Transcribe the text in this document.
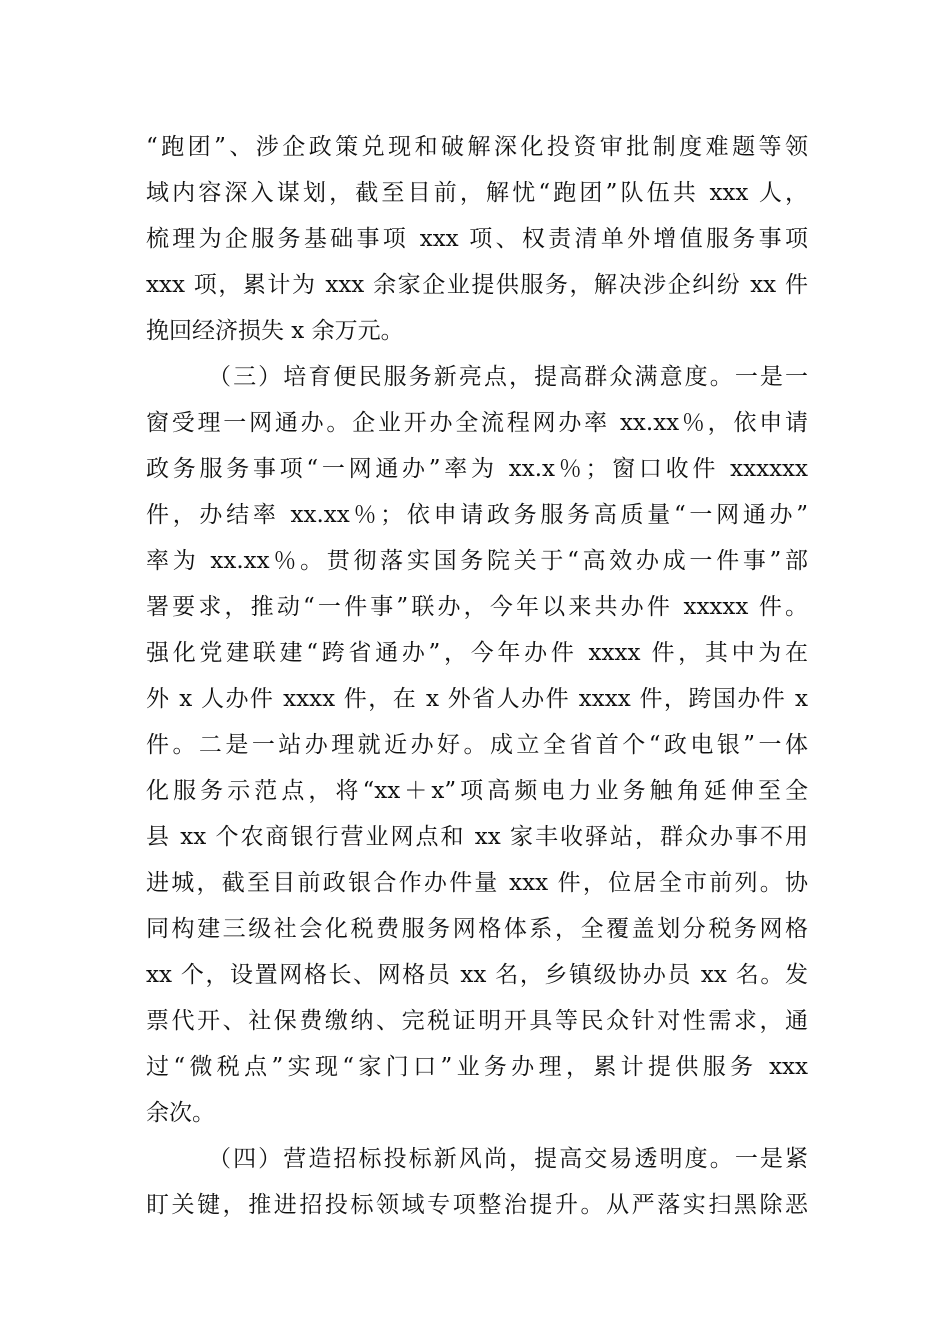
“跑团”、涉企政策兑现和破解深化投资审批制度难题等领
域内容深入谋划，截至目前，解忧“跑团”队伍共 xxx 人，
梳理为企服务基础事项 xxx 项、权责清单外增值服务事项
xxx 项，累计为 xxx 余家企业提供服务，解决涉企纠纷 xx 件
挽回经济损失 x 余万元。
（三）培育便民服务新亮点，提高群众满意度。一是一
窗受理一网通办。企业开办全流程网办率 xx.xx％，依申请
政务服务事项“一网通办”率为 xx.x％；窗口收件 xxxxxx
件，办结率 xx.xx％；依申请政务服务高质量“一网通办”
率为 xx.xx％。贯彻落实国务院关于“高效办成一件事”部
署要求，推动“一件事”联办，今年以来共办件 xxxxx 件。
强化党建联建“跨省通办”，今年办件 xxxx 件，其中为在
外 x 人办件 xxxx 件，在 x 外省人办件 xxxx 件，跨国办件 x
件。二是一站办理就近办好。成立全省首个“政电银”一体
化服务示范点，将“xx＋x”项高频电力业务触角延伸至全
县 xx 个农商银行营业网点和 xx 家丰收驿站，群众办事不用
进城，截至目前政银合作办件量 xxx 件，位居全市前列。协
同构建三级社会化税费服务网格体系，全覆盖划分税务网格
xx 个，设置网格长、网格员 xx 名，乡镇级协办员 xx 名。发
票代开、社保费缴纳、完税证明开具等民众针对性需求，通
过“微税点”实现“家门口”业务办理，累计提供服务 xxx
余次。
（四）营造招标投标新风尚，提高交易透明度。一是紧
盯关键，推进招投标领域专项整治提升。从严落实扫黑除恶
